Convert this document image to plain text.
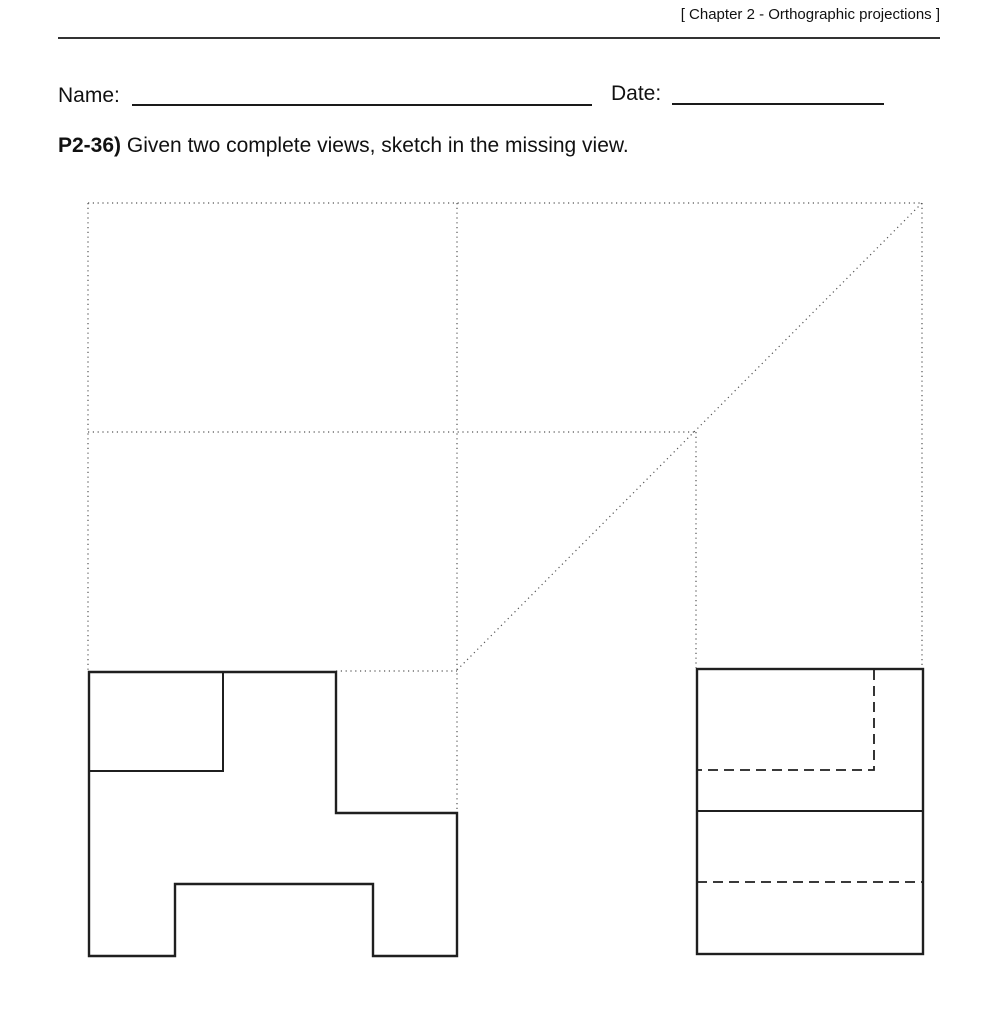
[ Chapter 2 - Orthographic projections ]
Name:	Date:
P2-36) Given two complete views, sketch in the missing view.
